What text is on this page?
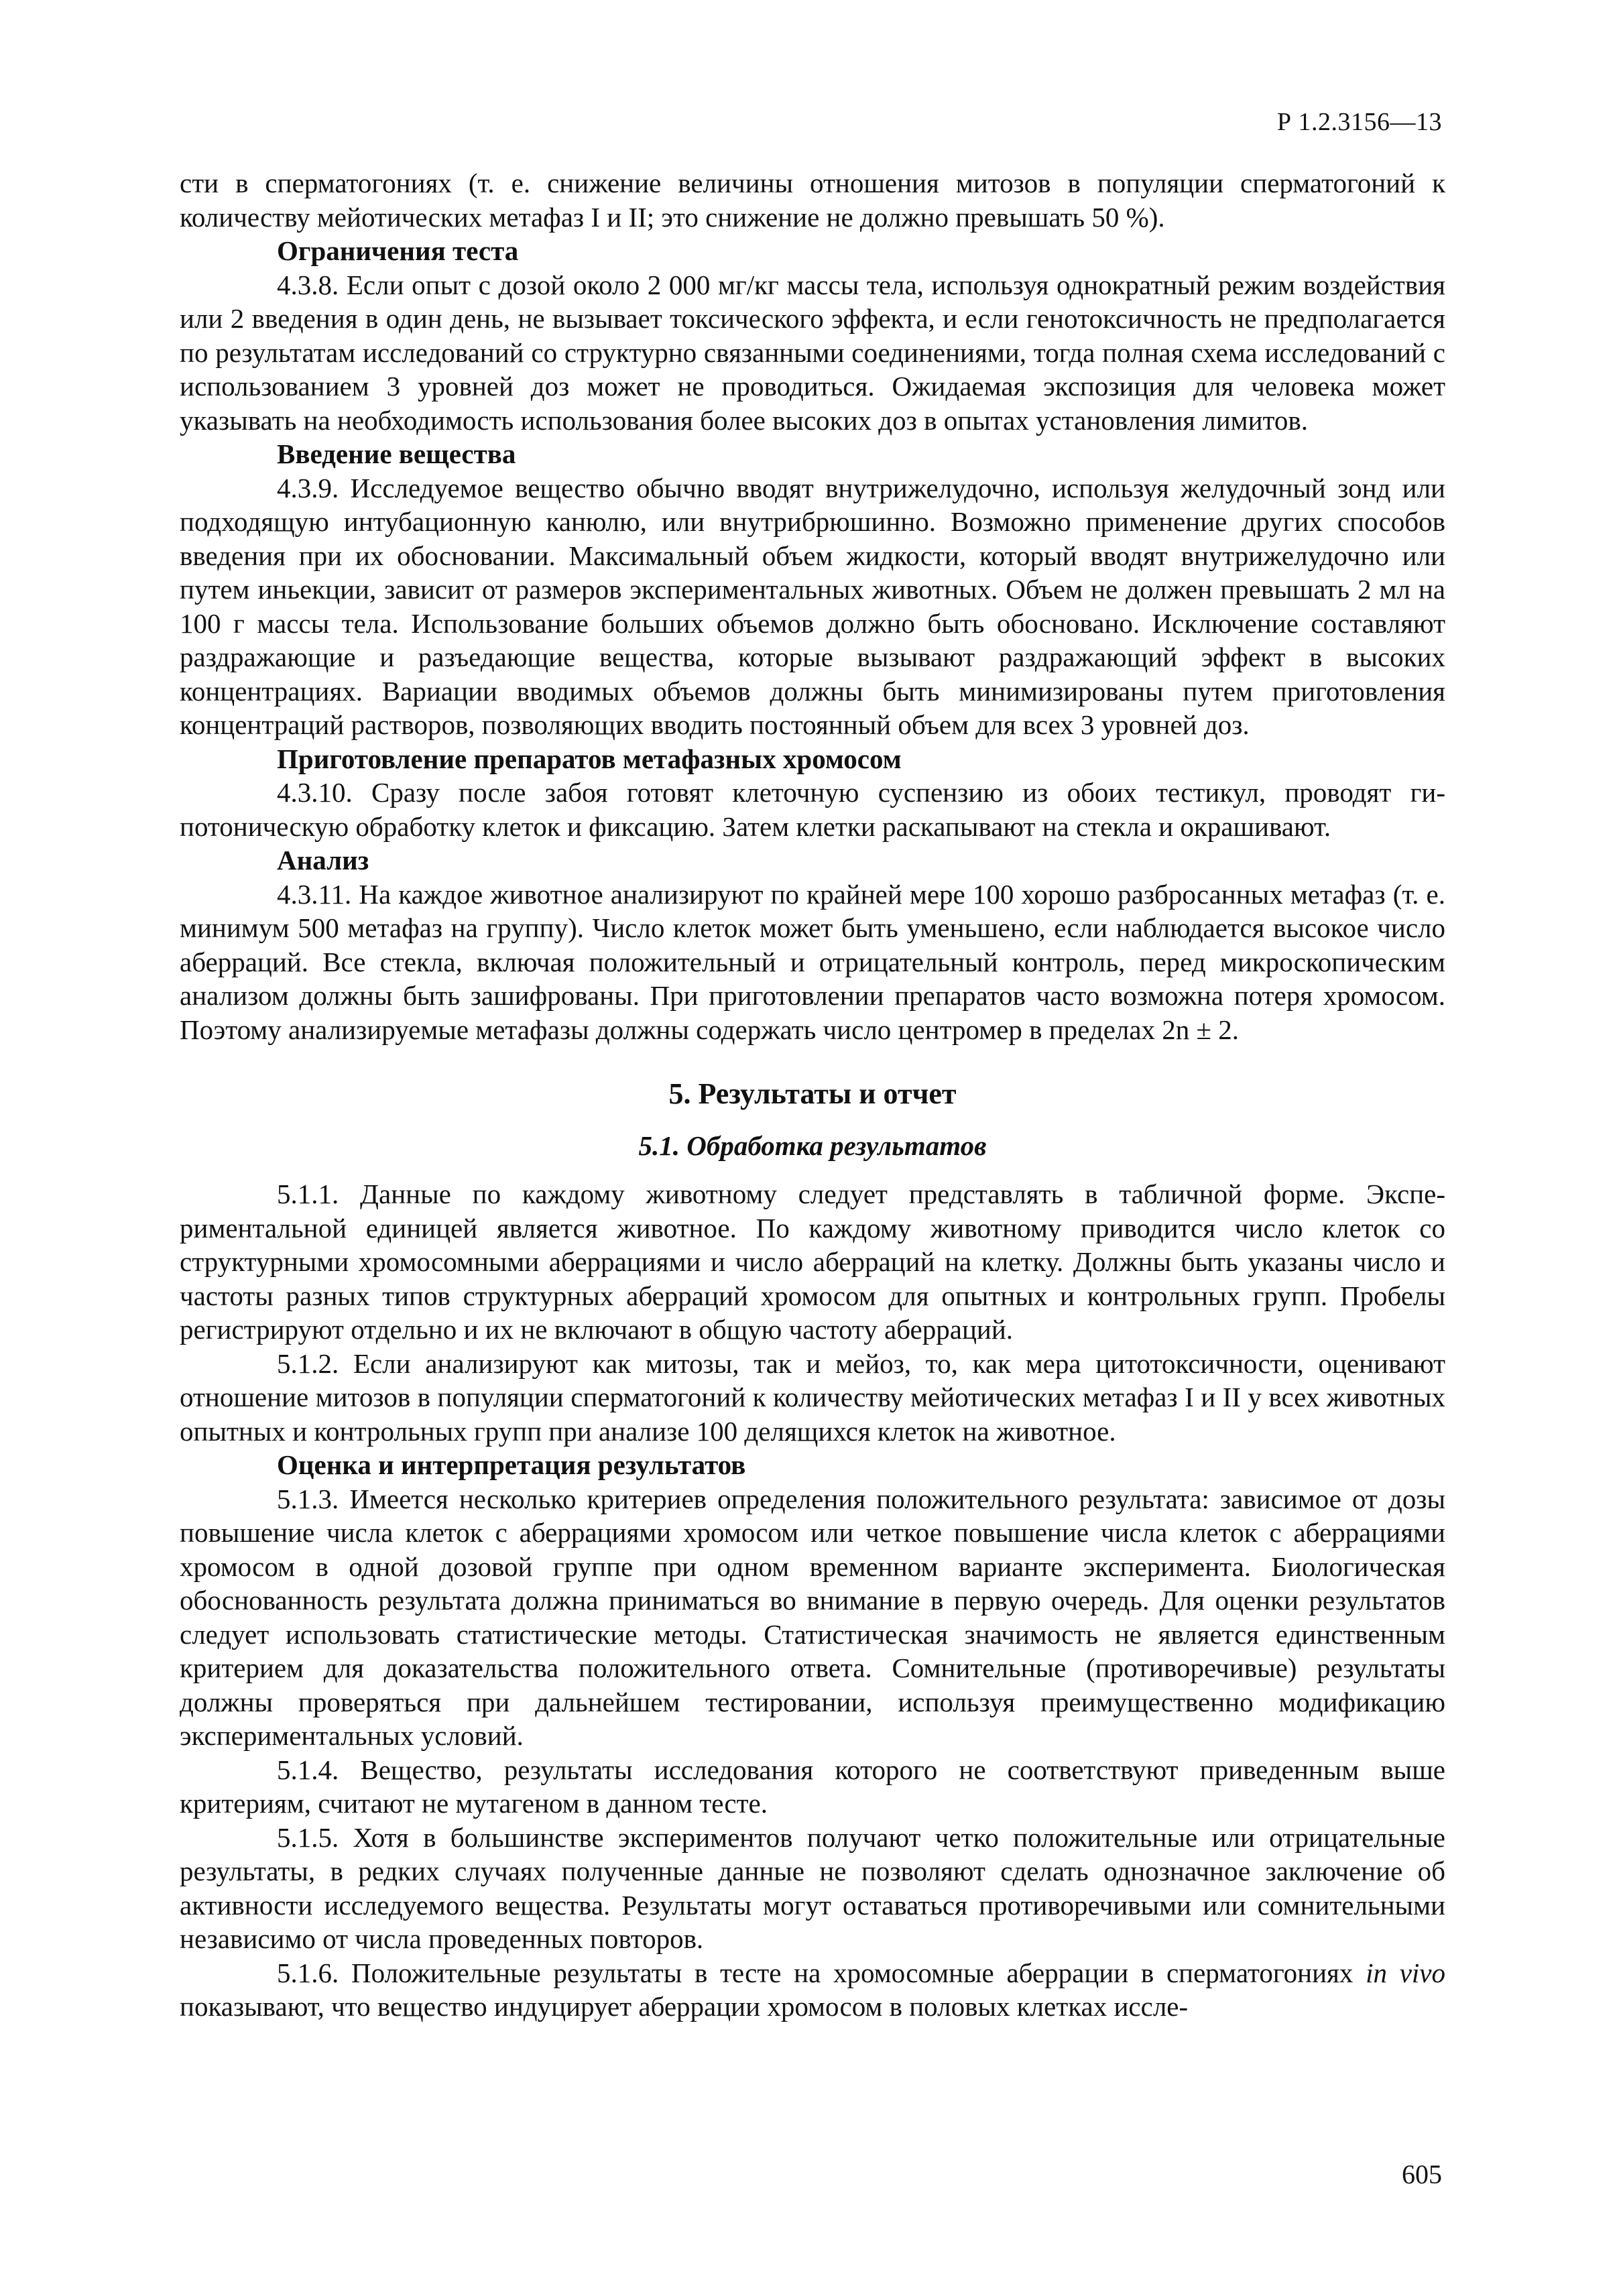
Р 1.2.3156—13

сти в сперматогониях (т. е. снижение величины отношения митозов в популяции сперматогоний к количеству мейотических метафаз I и II; это снижение не должно превышать 50 %).

Ограничения теста

4.3.8. Если опыт с дозой около 2 000 мг/кг массы тела, используя однократный режим воздействия или 2 введения в один день, не вызывает токсического эффекта, и если генотоксичность не предполагается по результатам исследований со структурно связанными соединениями, тогда полная схема исследований с использованием 3 уровней доз может не проводиться. Ожидаемая экспозиция для человека может указывать на необходимость использования более высоких доз в опытах установления лимитов.

Введение вещества

4.3.9. Исследуемое вещество обычно вводят внутрижелудочно, используя желудочный зонд или подходящую интубационную канюлю, или внутрибрюшинно. Возможно применение других способов введения при их обосновании. Максимальный объем жидкости, который вводят внутрижелудочно или путем иньекции, зависит от размеров экспериментальных животных. Объем не должен превышать 2 мл на 100 г массы тела. Использование больших объемов должно быть обосновано. Исключение составляют раздражающие и разъедающие вещества, которые вызывают раздражающий эффект в высоких концентрациях. Вариации вводимых объемов должны быть минимизированы путем приготовления концентраций растворов, позволяющих вводить постоянный объем для всех 3 уровней доз.

Приготовление препаратов метафазных хромосом

4.3.10. Сразу после забоя готовят клеточную суспензию из обоих тестикул, проводят гипотоническую обработку клеток и фиксацию. Затем клетки раскапывают на стекла и окрашивают.

Анализ

4.3.11. На каждое животное анализируют по крайней мере 100 хорошо разбросанных метафаз (т. е. минимум 500 метафаз на группу). Число клеток может быть уменьшено, если наблюдается высокое число аберраций. Все стекла, включая положительный и отрицательный контроль, перед микроскопическим анализом должны быть зашифрованы. При приготовлении препаратов часто возможна потеря хромосом. Поэтому анализируемые метафазы должны содержать число центромер в пределах 2n ± 2.

5. Результаты и отчет
5.1. Обработка результатов

5.1.1. Данные по каждому животному следует представлять в табличной форме. Экспериментальной единицей является животное. По каждому животному приводится число клеток со структурными хромосомными аберрациями и число аберраций на клетку. Должны быть указаны число и частоты разных типов структурных аберраций хромосом для опытных и контрольных групп. Пробелы регистрируют отдельно и их не включают в общую частоту аберраций.

5.1.2. Если анализируют как митозы, так и мейоз, то, как мера цитотоксичности, оценивают отношение митозов в популяции сперматогоний к количеству мейотических метафаз I и II у всех животных опытных и контрольных групп при анализе 100 делящихся клеток на животное.

Оценка и интерпретация результатов

5.1.3. Имеется несколько критериев определения положительного результата: зависимое от дозы повышение числа клеток с аберрациями хромосом или четкое повышение числа клеток с аберрациями хромосом в одной дозовой группе при одном временном варианте эксперимента. Биологическая обоснованность результата должна приниматься во внимание в первую очередь. Для оценки результатов следует использовать статистические методы. Статистическая значимость не является единственным критерием для доказательства положительного ответа. Сомнительные (противоречивые) результаты должны проверяться при дальнейшем тестировании, используя преимущественно модификацию экспериментальных условий.

5.1.4. Вещество, результаты исследования которого не соответствуют приведенным выше критериям, считают не мутагеном в данном тесте.

5.1.5. Хотя в большинстве экспериментов получают четко положительные или отрицательные результаты, в редких случаях полученные данные не позволяют сделать однозначное заключение об активности исследуемого вещества. Результаты могут оставаться противоречивыми или сомнительными независимо от числа проведенных повторов.

5.1.6. Положительные результаты в тесте на хромосомные аберрации в сперматогониях in vivo показывают, что вещество индуцирует аберрации хромосом в половых клетках иссле-

605
